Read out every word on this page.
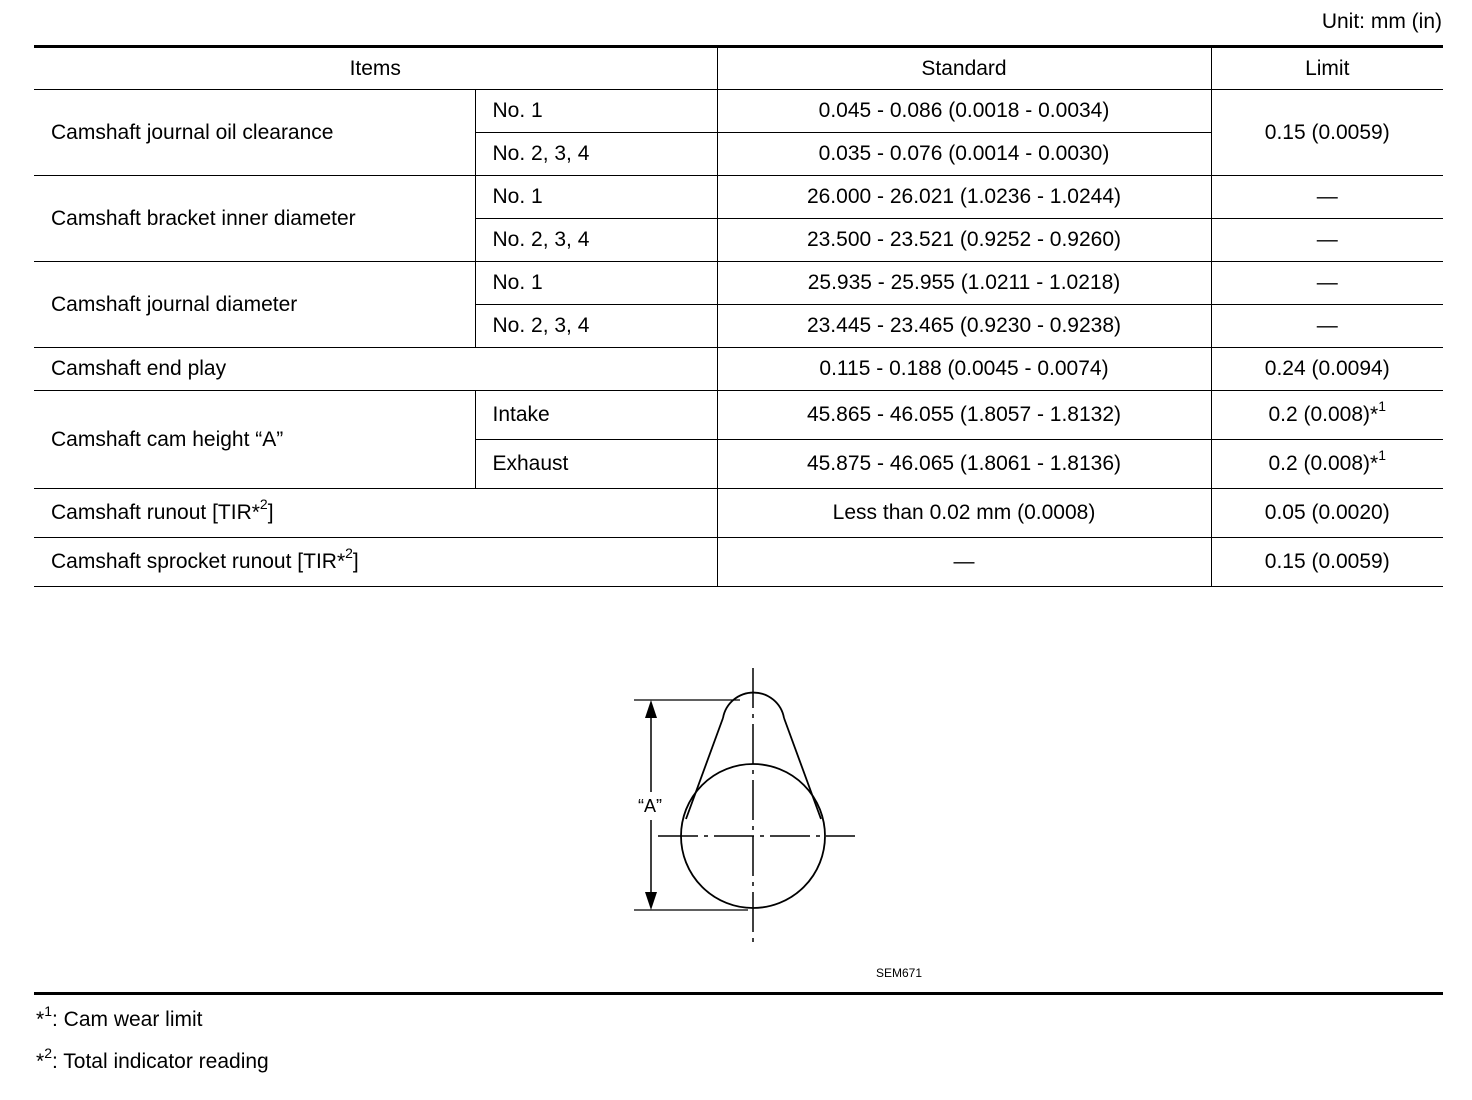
Unit: mm (in)
Items		Standard	Limit
Camshaft journal oil clearance	No. 1	0.045 - 0.086 (0.0018 - 0.0034)	0.15 (0.0059)
	No. 2, 3, 4	0.035 - 0.076 (0.0014 - 0.0030)	
Camshaft bracket inner diameter	No. 1	26.000 - 26.021 (1.0236 - 1.0244)	—
	No. 2, 3, 4	23.500 - 23.521 (0.9252 - 0.9260)	—
Camshaft journal diameter	No. 1	25.935 - 25.955 (1.0211 - 1.0218)	—
	No. 2, 3, 4	23.445 - 23.465 (0.9230 - 0.9238)	—
Camshaft end play		0.115 - 0.188 (0.0045 - 0.0074)	0.24 (0.0094)
Camshaft cam height “A”	Intake	45.865 - 46.055 (1.8057 - 1.8132)	0.2 (0.008)*$^1$
	Exhaust	45.875 - 46.065 (1.8061 - 1.8136)	0.2 (0.008)*$^1$
Camshaft runout [TIR*$^2$]		Less than 0.02 mm (0.0008)	0.05 (0.0020)
Camshaft sprocket runout [TIR*$^2$]		—	0.15 (0.0059)
“A”
SEM671
*$^1$: Cam wear limit
*$^2$: Total indicator reading
